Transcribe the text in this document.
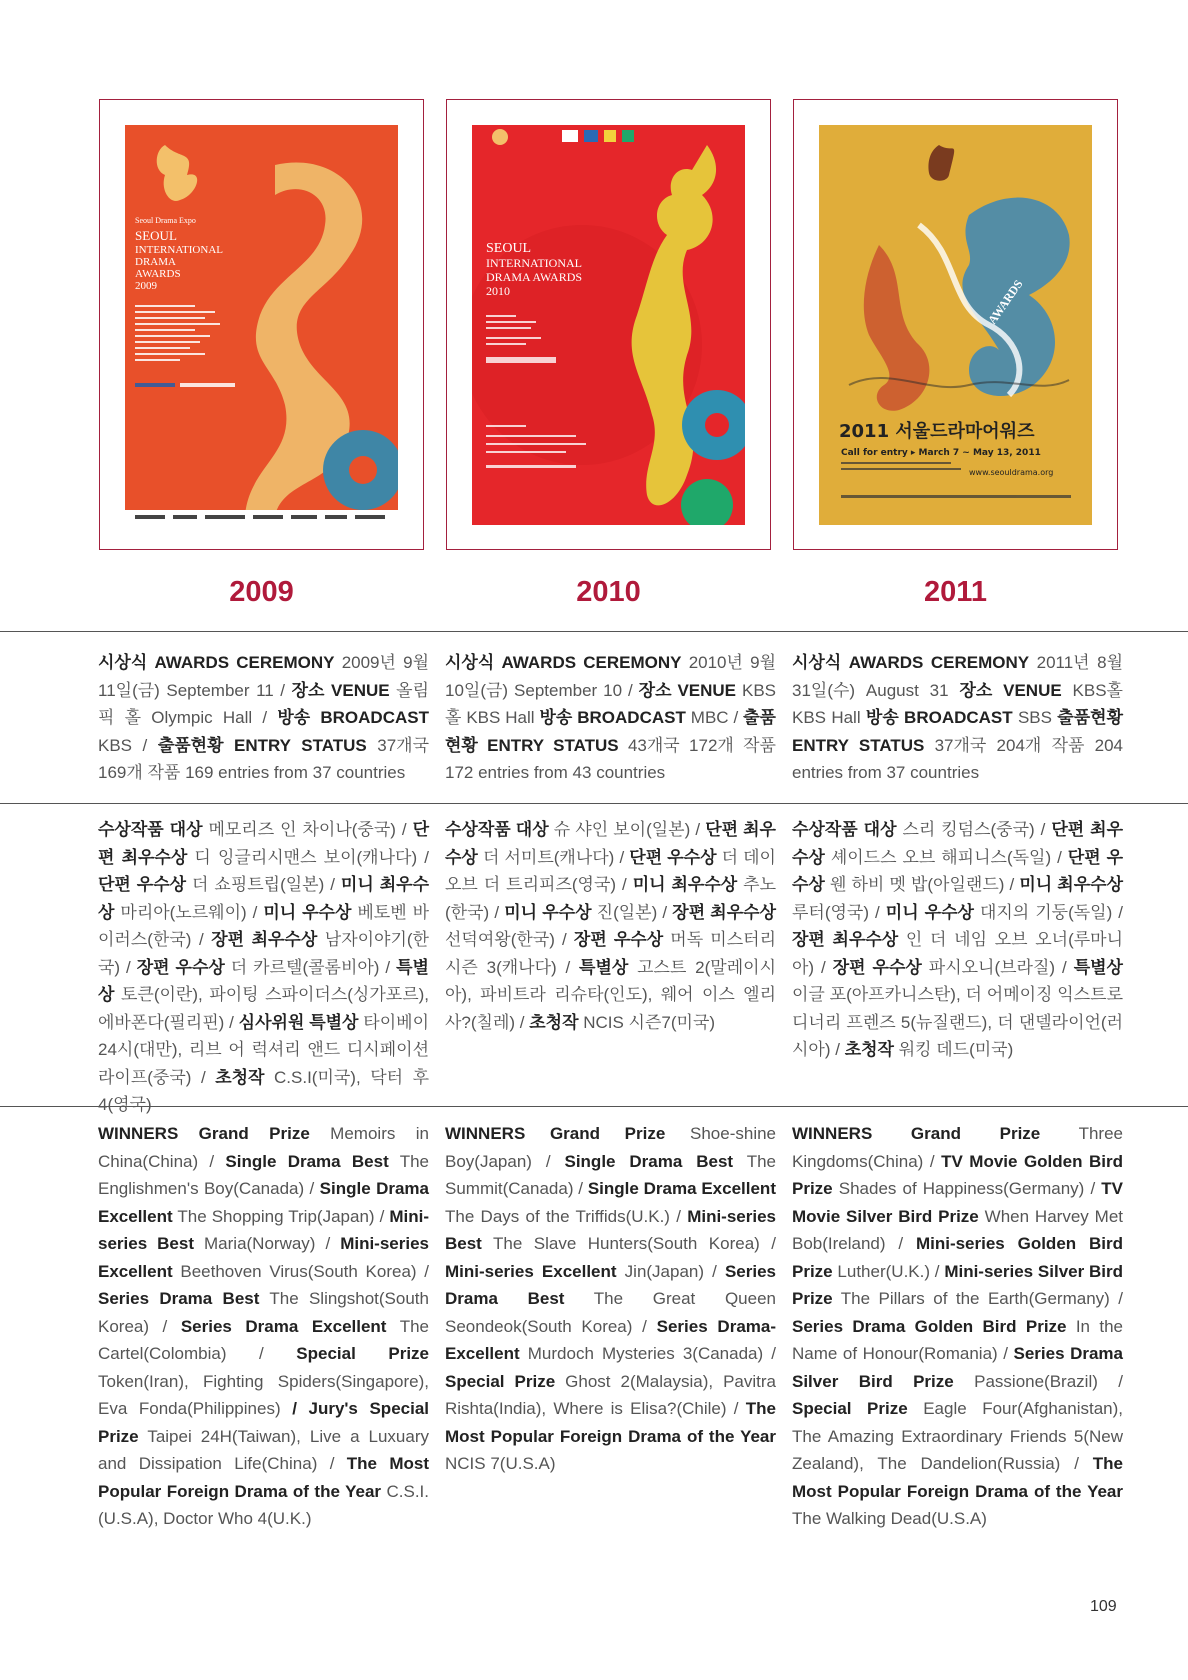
Seoul Drama Expo
SEOUL
INTERNATIONAL
DRAMA
AWARDS
2009
SEOUL
INTERNATIONAL
DRAMA AWARDS
2010	AWARDS
2011 서울드라마어워즈
Call for entry ▸ March 7 ~ May 13, 2011
www.seouldrama.org
2009	2010	2011

시상식 AWARDS CEREMONY 2009년 9월11일(금) September 11 / 장소 VENUE 올림픽 홀 Olympic Hall / 방송 BROADCAST KBS / 출품현황 ENTRY STATUS 37개국 169개 작품 169 entries from 37 countries

시상식 AWARDS CEREMONY 2010년 9월 10일(금) September 10 / 장소 VENUE KBS홀 KBS Hall 방송 BROADCAST MBC / 출품현황 ENTRY STATUS 43개국 172개 작품 172 entries from 43 countries

시상식 AWARDS CEREMONY 2011년 8월 31일(수) August 31 장소 VENUE KBS홀 KBS Hall 방송 BROADCAST SBS 출품현황 ENTRY STATUS 37개국 204개 작품 204 entries from 37 countries

수상작품 대상 메모리즈 인 차이나(중국) / 단편 최우수상 디 잉글리시맨스 보이(캐나다) / 단편 우수상 더 쇼핑트립(일본) / 미니 최우수상 마리아(노르웨이) / 미니 우수상 베토벤 바이러스(한국) / 장편 최우수상 남자이야기(한국) / 장편 우수상 더 카르텔(콜롬비아) / 특별상 토큰(이란), 파이팅 스파이더스(싱가포르), 에바폰다(필리핀) / 심사위원 특별상 타이베이 24시(대만), 리브 어 럭셔리 앤드 디시페이션 라이프(중국) / 초청작 C.S.I(미국), 닥터 후 4(영국)

수상작품 대상 슈 샤인 보이(일본) / 단편 최우수상 더 서미트(캐나다) / 단편 우수상 더 데이 오브 더 트리피즈(영국) / 미니 최우수상 추노(한국) / 미니 우수상 진(일본) / 장편 최우수상 선덕여왕(한국) / 장편 우수상 머독 미스터리 시즌 3(캐나다) / 특별상 고스트 2(말레이시아), 파비트라 리슈타(인도), 웨어 이스 엘리사?(칠레) / 초청작 NCIS 시즌7(미국)

수상작품 대상 스리 킹덤스(중국) / 단편 최우수상 셰이드스 오브 해피니스(독일) / 단편 우수상 웬 하비 멧 밥(아일랜드) / 미니 최우수상 루터(영국) / 미니 우수상 대지의 기둥(독일) / 장편 최우수상 인 더 네임 오브 오너(루마니아) / 장편 우수상 파시오니(브라질) / 특별상 이글 포(아프카니스탄), 더 어메이징 익스트로디너리 프렌즈 5(뉴질랜드), 더 댄델라이언(러시아) / 초청작 워킹 데드(미국)

WINNERS Grand Prize Memoirs in China(China) / Single Drama Best The Englishmen's Boy(Canada) / Single Drama Excellent The Shopping Trip(Japan) / Mini-series Best Maria(Norway) / Mini-series Excellent Beethoven Virus(South Korea) / Series Drama Best The Slingshot(South Korea) / Series Drama Excellent The Cartel(Colombia) / Special Prize Token(Iran), Fighting Spiders(Singapore), Eva Fonda(Philippines) / Jury's Special Prize Taipei 24H(Taiwan), Live a Luxuary and Dissipation Life(China) / The Most Popular Foreign Drama of the Year C.S.I.(U.S.A), Doctor Who 4(U.K.)

WINNERS Grand Prize Shoe-shine Boy(Japan) / Single Drama Best The Summit(Canada) / Single Drama Excellent The Days of the Triffids(U.K.) / Mini-series Best The Slave Hunters(South Korea) / Mini-series Excellent Jin(Japan) / Series Drama Best The Great Queen Seondeok(South Korea) / Series Drama-Excellent Murdoch Mysteries 3(Canada) / Special Prize Ghost 2(Malaysia), Pavitra Rishta(India), Where is Elisa?(Chile) / The Most Popular Foreign Drama of the Year NCIS 7(U.S.A)

WINNERS Grand Prize Three Kingdoms(China) / TV Movie Golden Bird Prize Shades of Happiness(Germany) / TV Movie Silver Bird Prize When Harvey Met Bob(Ireland) / Mini-series Golden Bird Prize Luther(U.K.) / Mini-series Silver Bird Prize The Pillars of the Earth(Germany) / Series Drama Golden Bird Prize In the Name of Honour(Romania) / Series Drama Silver Bird Prize Passione(Brazil) / Special Prize Eagle Four(Afghanistan), The Amazing Extraordinary Friends 5(New Zealand), The Dandelion(Russia) / The Most Popular Foreign Drama of the Year The Walking Dead(U.S.A)

109
